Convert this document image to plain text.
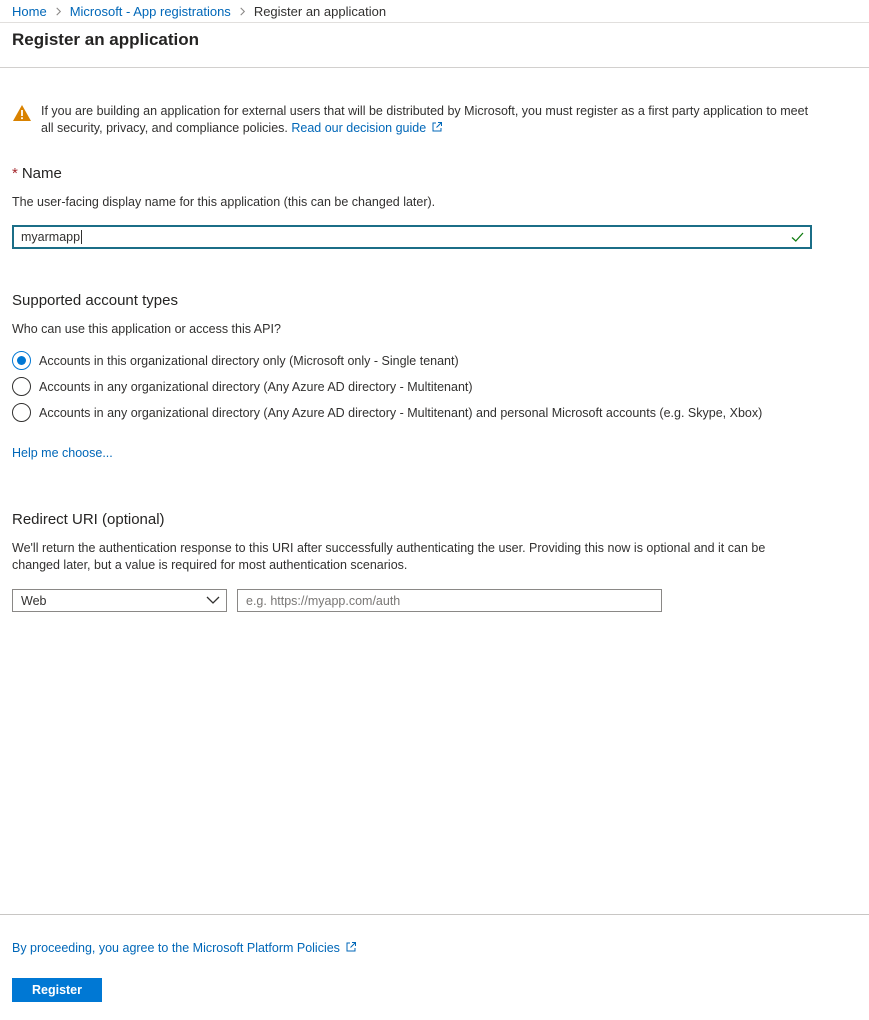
Home Microsoft - App registrations Register an application
Register an application
If you are building an application for external users that will be distributed by Microsoft, you must register as a first party application to meet all security, privacy, and compliance policies. Read our decision guide
* Name
The user-facing display name for this application (this can be changed later).
myarmapp
Supported account types
Who can use this application or access this API?
Accounts in this organizational directory only (Microsoft only - Single tenant)
Accounts in any organizational directory (Any Azure AD directory - Multitenant)
Accounts in any organizational directory (Any Azure AD directory - Multitenant) and personal Microsoft accounts (e.g. Skype, Xbox)
Help me choose...
Redirect URI (optional)
We'll return the authentication response to this URI after successfully authenticating the user. Providing this now is optional and it can be changed later, but a value is required for most authentication scenarios.
Web
e.g. https://myapp.com/auth
By proceeding, you agree to the Microsoft Platform Policies
Register
